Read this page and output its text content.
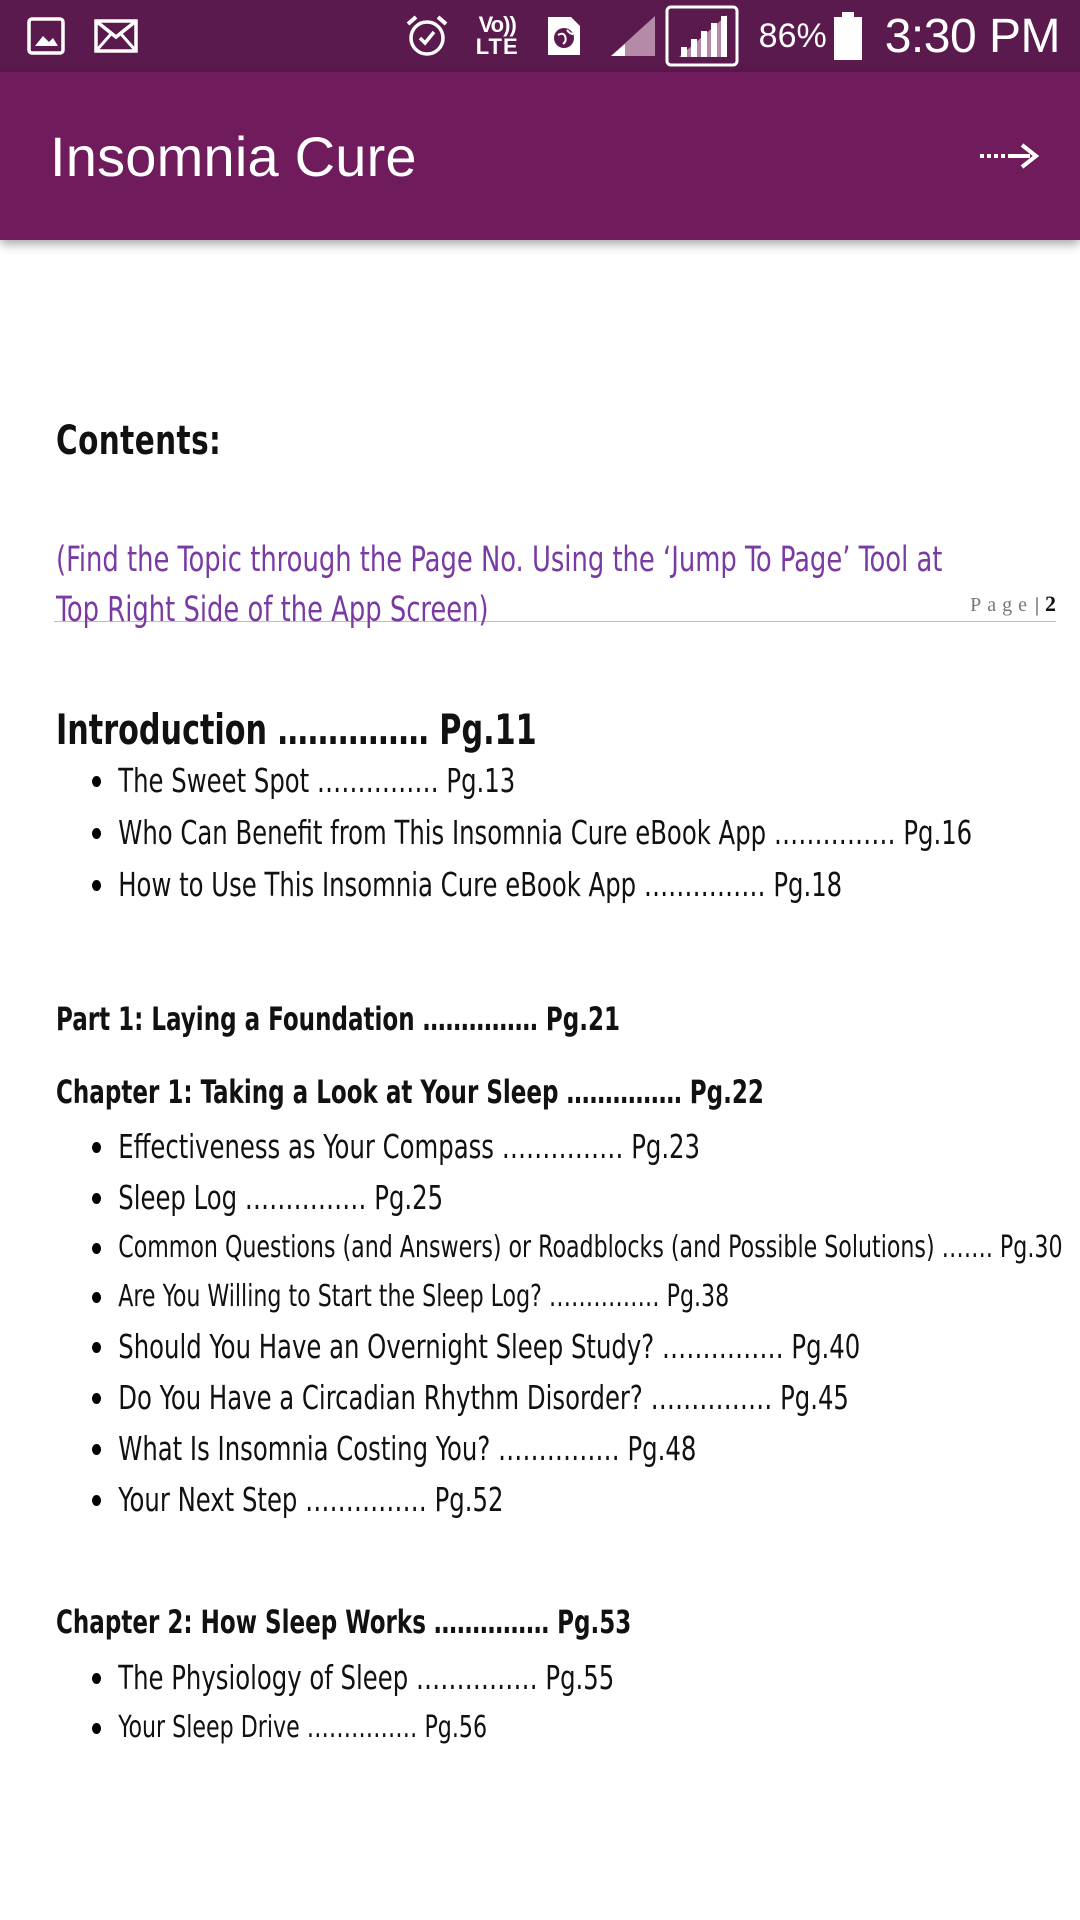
Vo))
LTE	86% 3:30 PM
Insomnia Cure
Page | 2
Contents:
(Find the Topic through the Page No. Using the ‘Jump To Page’ Tool at Top Right Side of the App Screen)
Introduction …………… Pg.11
The Sweet Spot …………… Pg.13
Who Can Benefit from This Insomnia Cure eBook App …………… Pg.16
How to Use This Insomnia Cure eBook App …………… Pg.18
Part 1: Laying a Foundation …………… Pg.21
Chapter 1: Taking a Look at Your Sleep …………… Pg.22
Effectiveness as Your Compass …………… Pg.23
Sleep Log …………… Pg.25
Common Questions (and Answers) or Roadblocks (and Possible Solutions) ……. Pg.30
Are You Willing to Start the Sleep Log? …………… Pg.38
Should You Have an Overnight Sleep Study? …………… Pg.40
Do You Have a Circadian Rhythm Disorder? …………… Pg.45
What Is Insomnia Costing You? …………… Pg.48
Your Next Step …………… Pg.52
Chapter 2: How Sleep Works …………… Pg.53
The Physiology of Sleep …………… Pg.55
Your Sleep Drive …………… Pg.56
